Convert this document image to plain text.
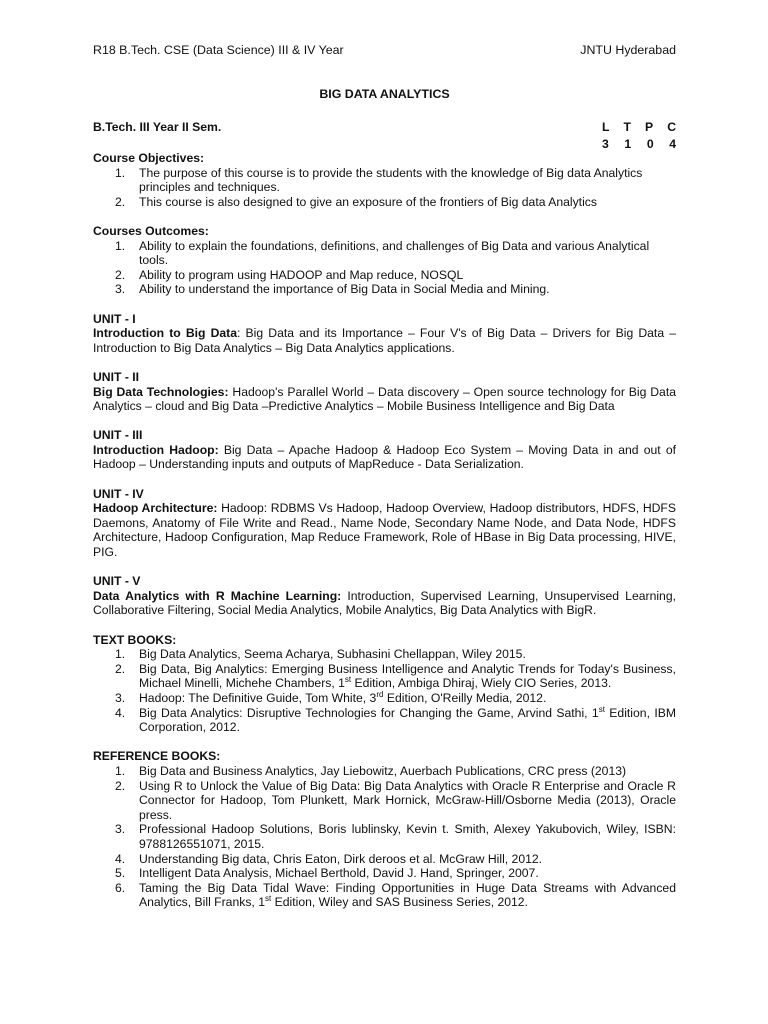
R18 B.Tech. CSE (Data Science) III & IV Year	JNTU Hyderabad
BIG DATA ANALYTICS
B.Tech. III Year II Sem.	L T P C
3 1 0 4
Course Objectives:
1. The purpose of this course is to provide the students with the knowledge of Big data Analytics principles and techniques.
2. This course is also designed to give an exposure of the frontiers of Big data Analytics
Courses Outcomes:
1. Ability to explain the foundations, definitions, and challenges of Big Data and various Analytical tools.
2. Ability to program using HADOOP and Map reduce, NOSQL
3. Ability to understand the importance of Big Data in Social Media and Mining.
UNIT - I
Introduction to Big Data: Big Data and its Importance – Four V's of Big Data – Drivers for Big Data – Introduction to Big Data Analytics – Big Data Analytics applications.
UNIT - II
Big Data Technologies: Hadoop's Parallel World – Data discovery – Open source technology for Big Data Analytics – cloud and Big Data –Predictive Analytics – Mobile Business Intelligence and Big Data
UNIT - III
Introduction Hadoop: Big Data – Apache Hadoop & Hadoop Eco System – Moving Data in and out of Hadoop – Understanding inputs and outputs of MapReduce - Data Serialization.
UNIT - IV
Hadoop Architecture: Hadoop: RDBMS Vs Hadoop, Hadoop Overview, Hadoop distributors, HDFS, HDFS Daemons, Anatomy of File Write and Read., Name Node, Secondary Name Node, and Data Node, HDFS Architecture, Hadoop Configuration, Map Reduce Framework, Role of HBase in Big Data processing, HIVE, PIG.
UNIT - V
Data Analytics with R Machine Learning: Introduction, Supervised Learning, Unsupervised Learning, Collaborative Filtering, Social Media Analytics, Mobile Analytics, Big Data Analytics with BigR.
TEXT BOOKS:
1. Big Data Analytics, Seema Acharya, Subhasini Chellappan, Wiley 2015.
2. Big Data, Big Analytics: Emerging Business Intelligence and Analytic Trends for Today's Business, Michael Minelli, Michehe Chambers, 1st Edition, Ambiga Dhiraj, Wiely CIO Series, 2013.
3. Hadoop: The Definitive Guide, Tom White, 3rd Edition, O'Reilly Media, 2012.
4. Big Data Analytics: Disruptive Technologies for Changing the Game, Arvind Sathi, 1st Edition, IBM Corporation, 2012.
REFERENCE BOOKS:
1. Big Data and Business Analytics, Jay Liebowitz, Auerbach Publications, CRC press (2013)
2. Using R to Unlock the Value of Big Data: Big Data Analytics with Oracle R Enterprise and Oracle R Connector for Hadoop, Tom Plunkett, Mark Hornick, McGraw-Hill/Osborne Media (2013), Oracle press.
3. Professional Hadoop Solutions, Boris lublinsky, Kevin t. Smith, Alexey Yakubovich, Wiley, ISBN: 9788126551071, 2015.
4. Understanding Big data, Chris Eaton, Dirk deroos et al. McGraw Hill, 2012.
5. Intelligent Data Analysis, Michael Berthold, David J. Hand, Springer, 2007.
6. Taming the Big Data Tidal Wave: Finding Opportunities in Huge Data Streams with Advanced Analytics, Bill Franks, 1st Edition, Wiley and SAS Business Series, 2012.
